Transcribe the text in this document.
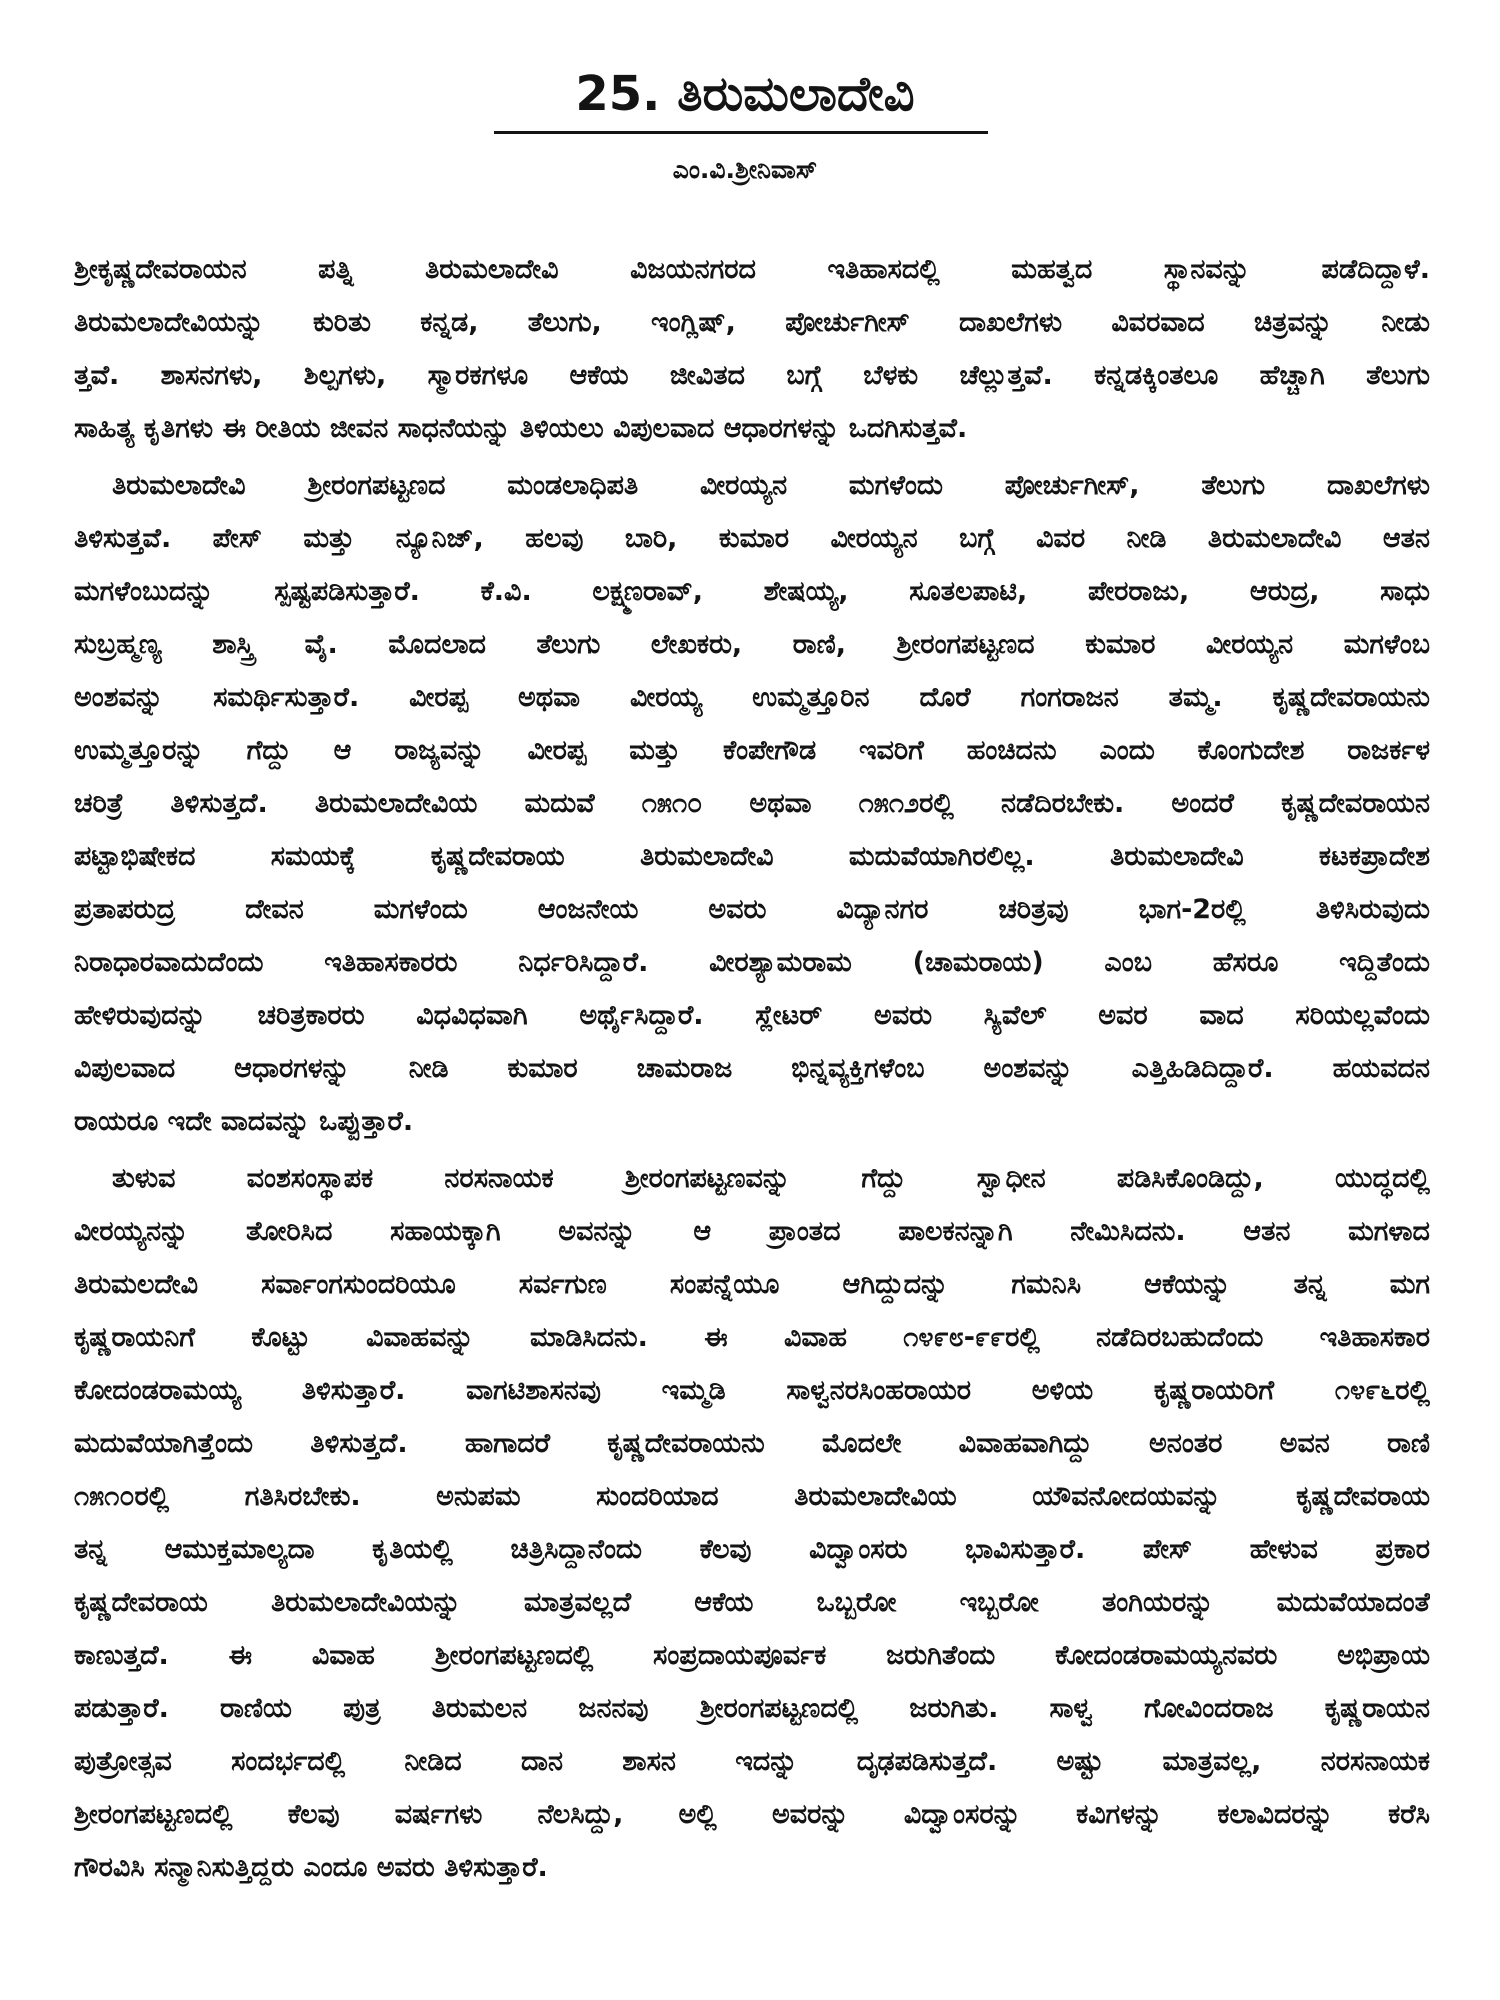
25. ತಿರುಮಲಾದೇವಿ
ಎಂ.ವಿ.ಶ್ರೀನಿವಾಸ್
ಶ್ರೀಕೃಷ್ಣದೇವರಾಯನ ಪತ್ನಿ ತಿರುಮಲಾದೇವಿ ವಿಜಯನಗರದ ಇತಿಹಾಸದಲ್ಲಿ ಮಹತ್ವದ ಸ್ಥಾನವನ್ನು ಪಡೆದಿದ್ದಾಳೆ.
ತಿರುಮಲಾದೇವಿಯನ್ನು ಕುರಿತು ಕನ್ನಡ, ತೆಲುಗು, ಇಂಗ್ಲಿಷ್, ಪೋರ್ಚುಗೀಸ್ ದಾಖಲೆಗಳು ವಿವರವಾದ ಚಿತ್ರವನ್ನು ನೀಡು
ತ್ತವೆ. ಶಾಸನಗಳು, ಶಿಲ್ಪಗಳು, ಸ್ಮಾರಕಗಳೂ ಆಕೆಯ ಜೀವಿತದ ಬಗ್ಗೆ ಬೆಳಕು ಚೆಲ್ಲುತ್ತವೆ. ಕನ್ನಡಕ್ಕಿಂತಲೂ ಹೆಚ್ಚಾಗಿ ತೆಲುಗು
ಸಾಹಿತ್ಯ ಕೃತಿಗಳು ಈ ರೀತಿಯ ಜೀವನ ಸಾಧನೆಯನ್ನು ತಿಳಿಯಲು ವಿಪುಲವಾದ ಆಧಾರಗಳನ್ನು ಒದಗಿಸುತ್ತವೆ.
ತಿರುಮಲಾದೇವಿ ಶ್ರೀರಂಗಪಟ್ಟಣದ ಮಂಡಲಾಧಿಪತಿ ವೀರಯ್ಯನ ಮಗಳೆಂದು ಪೋರ್ಚುಗೀಸ್, ತೆಲುಗು ದಾಖಲೆಗಳು
ತಿಳಿಸುತ್ತವೆ. ಪೇಸ್ ಮತ್ತು ನ್ಯೂನಿಜ್, ಹಲವು ಬಾರಿ, ಕುಮಾರ ವೀರಯ್ಯನ ಬಗ್ಗೆ ವಿವರ ನೀಡಿ ತಿರುಮಲಾದೇವಿ ಆತನ
ಮಗಳೆಂಬುದನ್ನು ಸ್ಪಷ್ಟಪಡಿಸುತ್ತಾರೆ. ಕೆ.ವಿ. ಲಕ್ಷ್ಮಣರಾವ್, ಶೇಷಯ್ಯ, ಸೂತಲಪಾಟಿ, ಪೇರರಾಜು, ಆರುದ್ರ, ಸಾಧು
ಸುಬ್ರಹ್ಮಣ್ಯ ಶಾಸ್ತ್ರಿ ವೈ. ಮೊದಲಾದ ತೆಲುಗು ಲೇಖಕರು, ರಾಣಿ, ಶ್ರೀರಂಗಪಟ್ಟಣದ ಕುಮಾರ ವೀರಯ್ಯನ ಮಗಳೆಂಬ
ಅಂಶವನ್ನು ಸಮರ್ಥಿಸುತ್ತಾರೆ. ವೀರಪ್ಪ ಅಥವಾ ವೀರಯ್ಯ ಉಮ್ಮತ್ತೂರಿನ ದೊರೆ ಗಂಗರಾಜನ ತಮ್ಮ. ಕೃಷ್ಣದೇವರಾಯನು
ಉಮ್ಮತ್ತೂರನ್ನು ಗೆದ್ದು ಆ ರಾಜ್ಯವನ್ನು ವೀರಪ್ಪ ಮತ್ತು ಕೆಂಪೇಗೌಡ ಇವರಿಗೆ ಹಂಚಿದನು ಎಂದು ಕೊಂಗುದೇಶ ರಾಜರ್ಕಳ
ಚರಿತ್ರೆ ತಿಳಿಸುತ್ತದೆ. ತಿರುಮಲಾದೇವಿಯ ಮದುವೆ ೧೫೧೦ ಅಥವಾ ೧೫೧೨ರಲ್ಲಿ ನಡೆದಿರಬೇಕು. ಅಂದರೆ ಕೃಷ್ಣದೇವರಾಯನ
ಪಟ್ಟಾಭಿಷೇಕದ ಸಮಯಕ್ಕೆ ಕೃಷ್ಣದೇವರಾಯ ತಿರುಮಲಾದೇವಿ ಮದುವೆಯಾಗಿರಲಿಲ್ಲ. ತಿರುಮಲಾದೇವಿ ಕಟಕಪ್ರಾದೇಶ
ಪ್ರತಾಪರುದ್ರ ದೇವನ ಮಗಳೆಂದು ಆಂಜನೇಯ ಅವರು ವಿದ್ಯಾನಗರ ಚರಿತ್ರವು ಭಾಗ-2ರಲ್ಲಿ ತಿಳಿಸಿರುವುದು
ನಿರಾಧಾರವಾದುದೆಂದು ಇತಿಹಾಸಕಾರರು ನಿರ್ಧರಿಸಿದ್ದಾರೆ. ವೀರಶ್ಯಾಮರಾಮ (ಚಾಮರಾಯ) ಎಂಬ ಹೆಸರೂ ಇದ್ದಿತೆಂದು
ಹೇಳಿರುವುದನ್ನು ಚರಿತ್ರಕಾರರು ವಿಧವಿಧವಾಗಿ ಅರ್ಥೈಸಿದ್ದಾರೆ. ಸ್ಲೇಟರ್ ಅವರು ಸ್ಯಿವೆಲ್ ಅವರ ವಾದ ಸರಿಯಲ್ಲವೆಂದು
ವಿಪುಲವಾದ ಆಧಾರಗಳನ್ನು ನೀಡಿ ಕುಮಾರ ಚಾಮರಾಜ ಭಿನ್ನವ್ಯಕ್ತಿಗಳೆಂಬ ಅಂಶವನ್ನು ಎತ್ತಿಹಿಡಿದಿದ್ದಾರೆ. ಹಯವದನ
ರಾಯರೂ ಇದೇ ವಾದವನ್ನು ಒಪ್ಪುತ್ತಾರೆ.
ತುಳುವ ವಂಶಸಂಸ್ಥಾಪಕ ನರಸನಾಯಕ ಶ್ರೀರಂಗಪಟ್ಟಣವನ್ನು ಗೆದ್ದು ಸ್ವಾಧೀನ ಪಡಿಸಿಕೊಂಡಿದ್ದು, ಯುದ್ಧದಲ್ಲಿ
ವೀರಯ್ಯನನ್ನು ತೋರಿಸಿದ ಸಹಾಯಕ್ಕಾಗಿ ಅವನನ್ನು ಆ ಪ್ರಾಂತದ ಪಾಲಕನನ್ನಾಗಿ ನೇಮಿಸಿದನು. ಆತನ ಮಗಳಾದ
ತಿರುಮಲದೇವಿ ಸರ್ವಾಂಗಸುಂದರಿಯೂ ಸರ್ವಗುಣ ಸಂಪನ್ನೆಯೂ ಆಗಿದ್ದುದನ್ನು ಗಮನಿಸಿ ಆಕೆಯನ್ನು ತನ್ನ ಮಗ
ಕೃಷ್ಣರಾಯನಿಗೆ ಕೊಟ್ಟು ವಿವಾಹವನ್ನು ಮಾಡಿಸಿದನು. ಈ ವಿವಾಹ ೧೪೯೮-೯೯ರಲ್ಲಿ ನಡೆದಿರಬಹುದೆಂದು ಇತಿಹಾಸಕಾರ
ಕೋದಂಡರಾಮಯ್ಯ ತಿಳಿಸುತ್ತಾರೆ. ವಾಗಟಿಶಾಸನವು ಇಮ್ಮಡಿ ಸಾಳ್ವನರಸಿಂಹರಾಯರ ಅಳಿಯ ಕೃಷ್ಣರಾಯರಿಗೆ ೧೪೯೬ರಲ್ಲಿ
ಮದುವೆಯಾಗಿತ್ತೆಂದು ತಿಳಿಸುತ್ತದೆ. ಹಾಗಾದರೆ ಕೃಷ್ಣದೇವರಾಯನು ಮೊದಲೇ ವಿವಾಹವಾಗಿದ್ದು ಅನಂತರ ಅವನ ರಾಣಿ
೧೫೧೦ರಲ್ಲಿ ಗತಿಸಿರಬೇಕು. ಅನುಪಮ ಸುಂದರಿಯಾದ ತಿರುಮಲಾದೇವಿಯ ಯೌವನೋದಯವನ್ನು ಕೃಷ್ಣದೇವರಾಯ
ತನ್ನ ಆಮುಕ್ತಮಾಲ್ಯದಾ ಕೃತಿಯಲ್ಲಿ ಚಿತ್ರಿಸಿದ್ದಾನೆಂದು ಕೆಲವು ವಿದ್ವಾಂಸರು ಭಾವಿಸುತ್ತಾರೆ. ಪೇಸ್ ಹೇಳುವ ಪ್ರಕಾರ
ಕೃಷ್ಣದೇವರಾಯ ತಿರುಮಲಾದೇವಿಯನ್ನು ಮಾತ್ರವಲ್ಲದೆ ಆಕೆಯ ಒಬ್ಬರೋ ಇಬ್ಬರೋ ತಂಗಿಯರನ್ನು ಮದುವೆಯಾದಂತೆ
ಕಾಣುತ್ತದೆ. ಈ ವಿವಾಹ ಶ್ರೀರಂಗಪಟ್ಟಣದಲ್ಲಿ ಸಂಪ್ರದಾಯಪೂರ್ವಕ ಜರುಗಿತೆಂದು ಕೋದಂಡರಾಮಯ್ಯನವರು ಅಭಿಪ್ರಾಯ
ಪಡುತ್ತಾರೆ. ರಾಣಿಯ ಪುತ್ರ ತಿರುಮಲನ ಜನನವು ಶ್ರೀರಂಗಪಟ್ಟಣದಲ್ಲಿ ಜರುಗಿತು. ಸಾಳ್ವ ಗೋವಿಂದರಾಜ ಕೃಷ್ಣರಾಯನ
ಪುತ್ರೋತ್ಸವ ಸಂದರ್ಭದಲ್ಲಿ ನೀಡಿದ ದಾನ ಶಾಸನ ಇದನ್ನು ದೃಢಪಡಿಸುತ್ತದೆ. ಅಷ್ಟು ಮಾತ್ರವಲ್ಲ, ನರಸನಾಯಕ
ಶ್ರೀರಂಗಪಟ್ಟಣದಲ್ಲಿ ಕೆಲವು ವರ್ಷಗಳು ನೆಲಸಿದ್ದು, ಅಲ್ಲಿ ಅವರನ್ನು ವಿದ್ವಾಂಸರನ್ನು ಕವಿಗಳನ್ನು ಕಲಾವಿದರನ್ನು ಕರೆಸಿ
ಗೌರವಿಸಿ ಸನ್ಮಾನಿಸುತ್ತಿದ್ದರು ಎಂದೂ ಅವರು ತಿಳಿಸುತ್ತಾರೆ.
